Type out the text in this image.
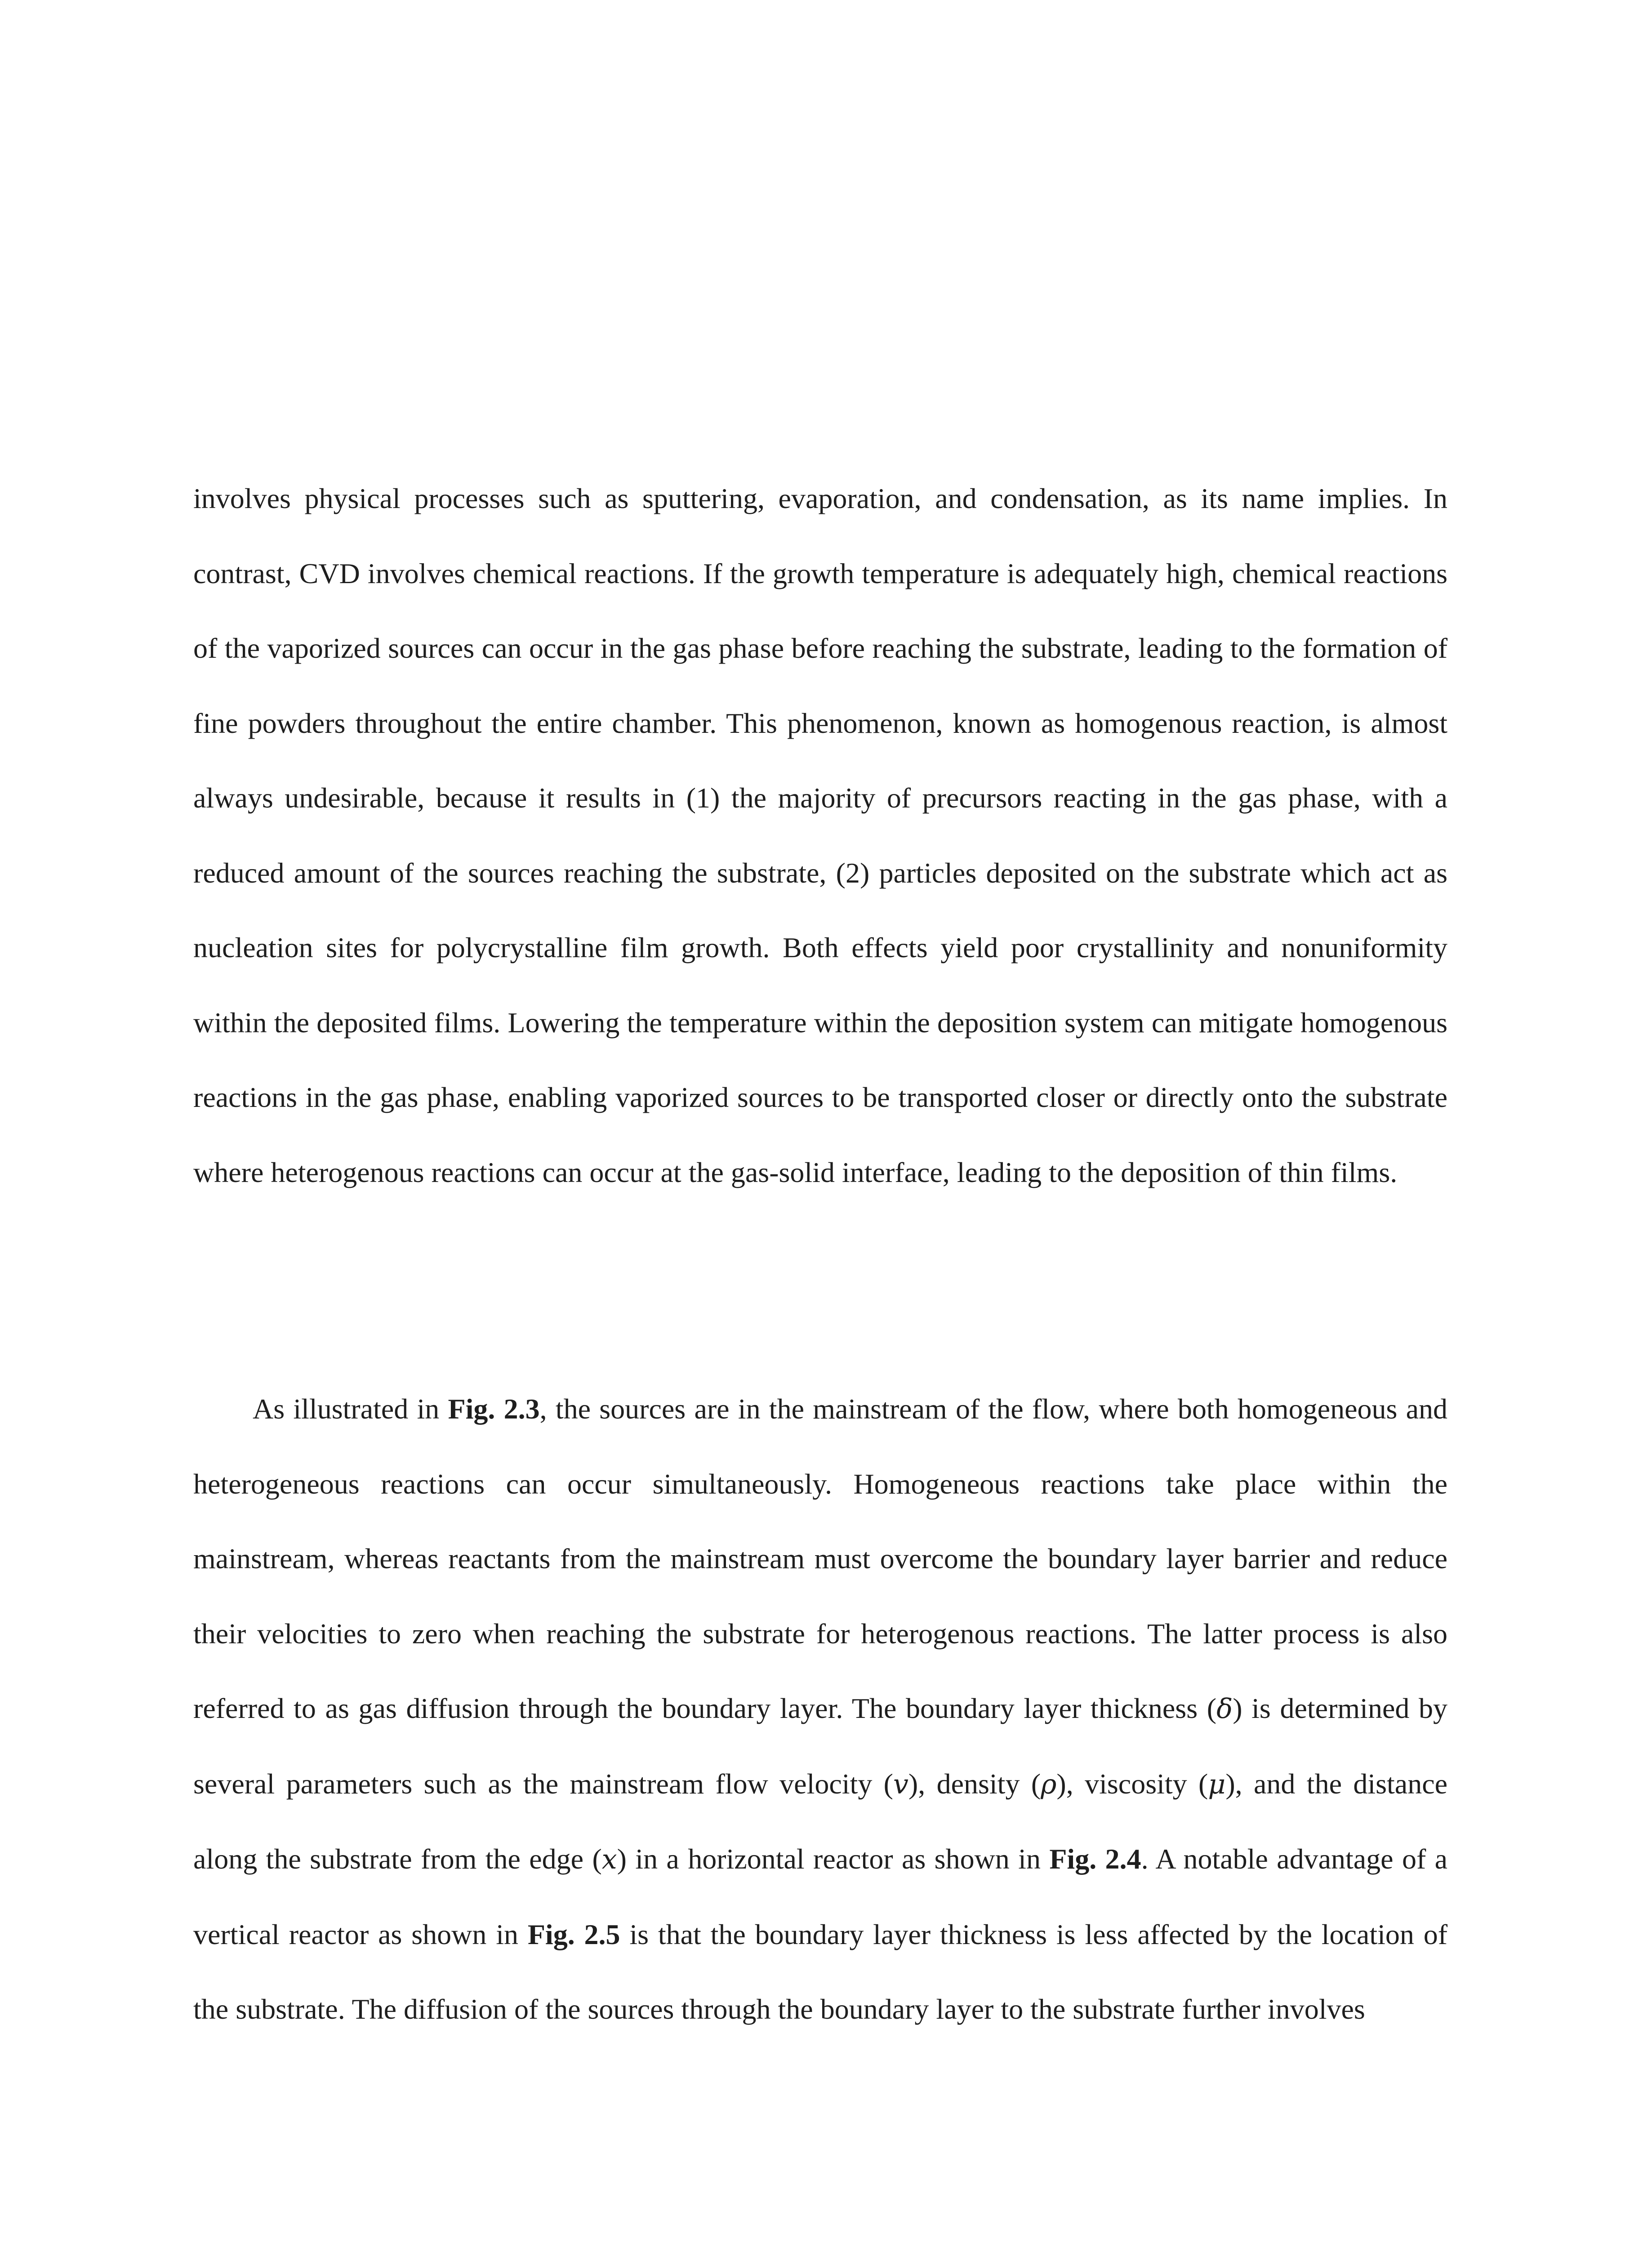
involves physical processes such as sputtering, evaporation, and condensation, as its name implies. In contrast, CVD involves chemical reactions. If the growth temperature is adequately high, chemical reactions of the vaporized sources can occur in the gas phase before reaching the substrate, leading to the formation of fine powders throughout the entire chamber. This phenomenon, known as homogenous reaction, is almost always undesirable, because it results in (1) the majority of precursors reacting in the gas phase, with a reduced amount of the sources reaching the substrate, (2) particles deposited on the substrate which act as nucleation sites for polycrystalline film growth. Both effects yield poor crystallinity and nonuniformity within the deposited films. Lowering the temperature within the deposition system can mitigate homogenous reactions in the gas phase, enabling vaporized sources to be transported closer or directly onto the substrate where heterogenous reactions can occur at the gas-solid interface, leading to the deposition of thin films.

As illustrated in Fig. 2.3, the sources are in the mainstream of the flow, where both homogeneous and heterogeneous reactions can occur simultaneously. Homogeneous reactions take place within the mainstream, whereas reactants from the mainstream must overcome the boundary layer barrier and reduce their velocities to zero when reaching the substrate for heterogenous reactions. The latter process is also referred to as gas diffusion through the boundary layer. The boundary layer thickness (δ) is determined by several parameters such as the mainstream flow velocity (v), density (ρ), viscosity (μ), and the distance along the substrate from the edge (x) in a horizontal reactor as shown in Fig. 2.4. A notable advantage of a vertical reactor as shown in Fig. 2.5 is that the boundary layer thickness is less affected by the location of the substrate. The diffusion of the sources through the boundary layer to the substrate further involves
